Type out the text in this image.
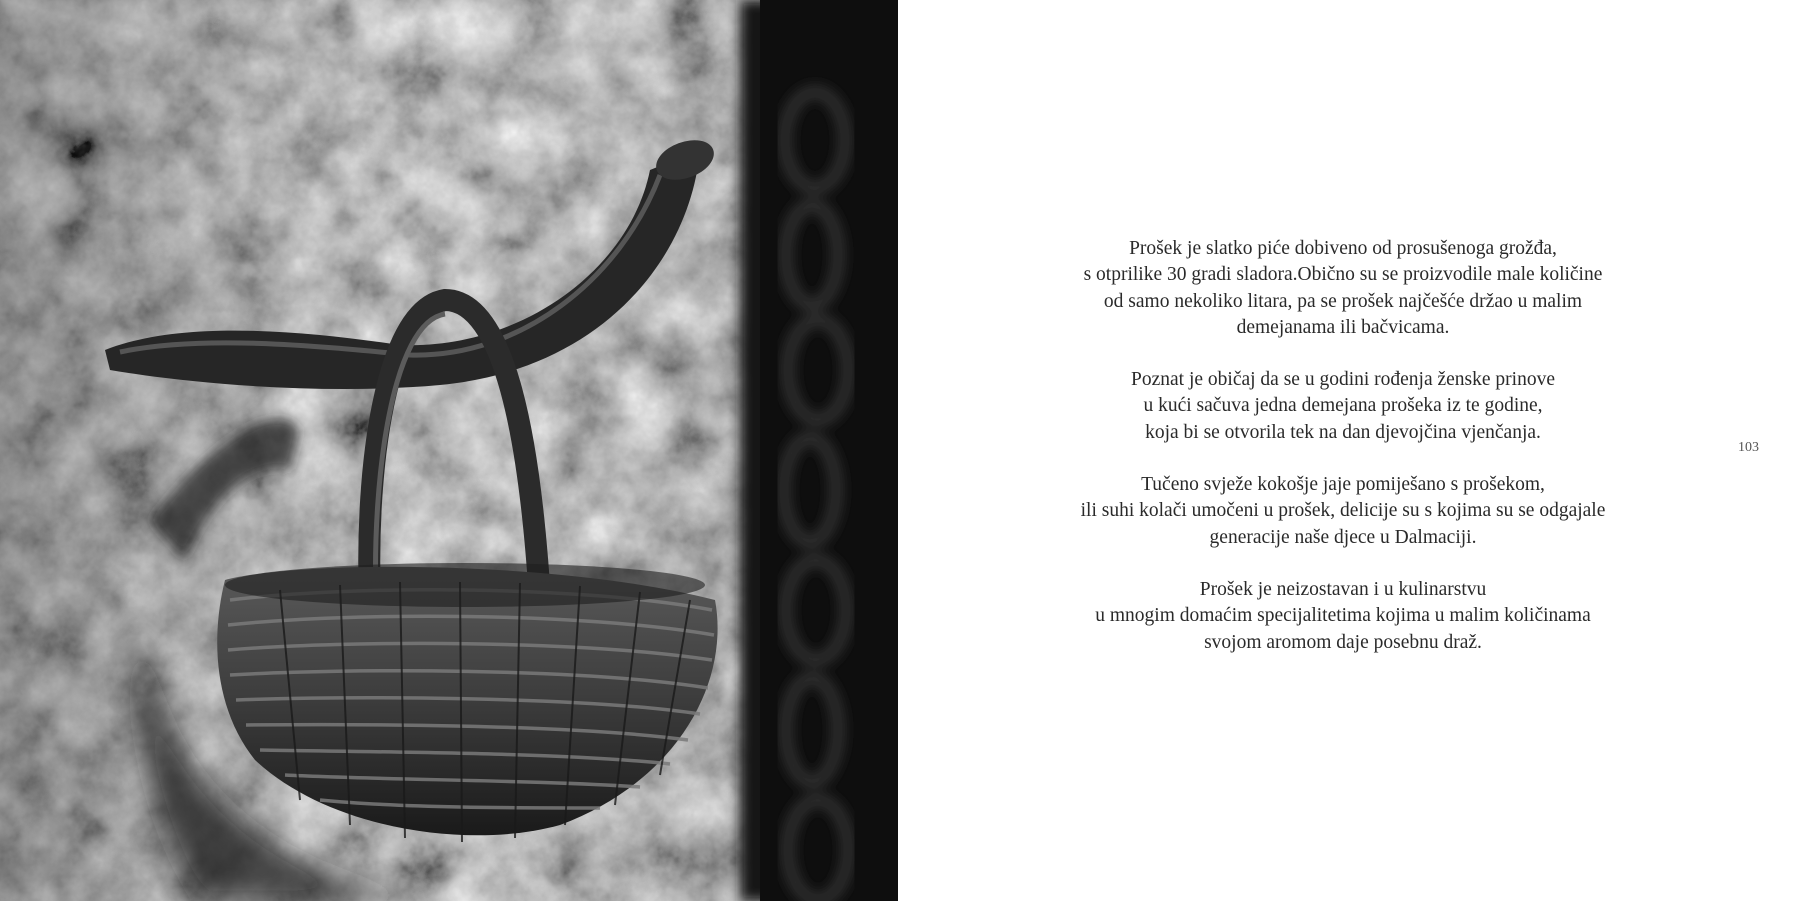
Prošek je slatko piće dobiveno od prosušenoga grožđa,
s otprilike 30 gradi sladora.Obično su se proizvodile male količine
od samo nekoliko litara, pa se prošek najčešće držao u malim
demejanama ili bačvicama.

Poznat je običaj da se u godini rođenja ženske prinove
u kući sačuva jedna demejana prošeka iz te godine,
koja bi se otvorila tek na dan djevojčina vjenčanja.

Tučeno svježe kokošje jaje pomiješano s prošekom,
ili suhi kolači umočeni u prošek, delicije su s kojima su se odgajale
generacije naše djece u Dalmaciji.

Prošek je neizostavan i u kulinarstvu
u mnogim domaćim specijalitetima kojima u malim količinama
svojom aromom daje posebnu draž.

103
